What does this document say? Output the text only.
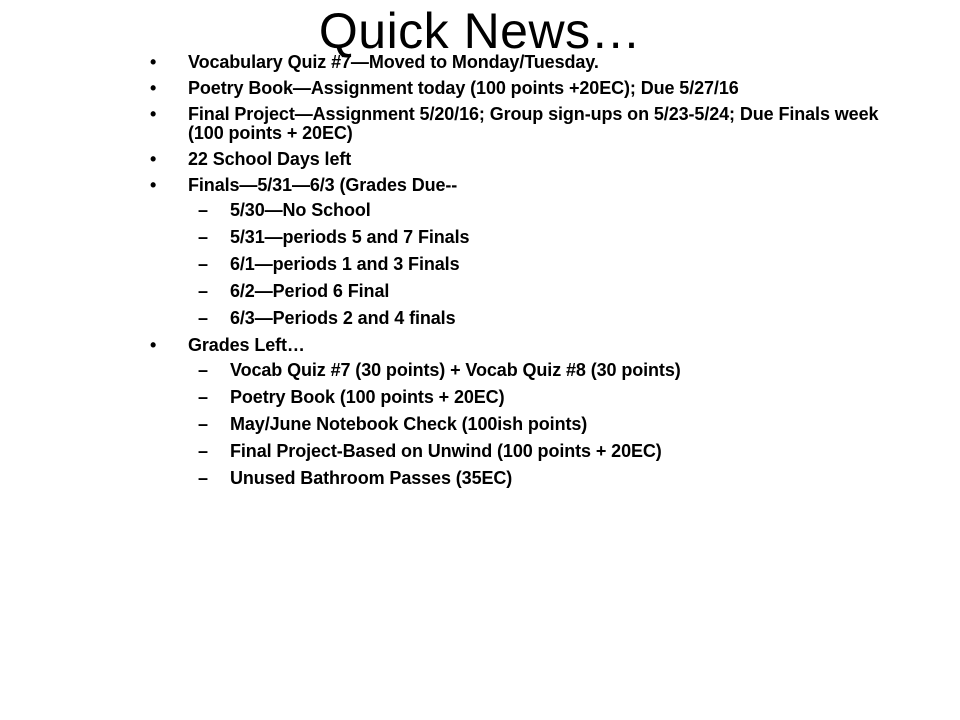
Quick News…
• Vocabulary Quiz #7—Moved to Monday/Tuesday.
• Poetry Book—Assignment today (100 points +20EC); Due 5/27/16
• Final Project—Assignment 5/20/16; Group sign-ups on 5/23-5/24; Due Finals week (100 points + 20EC)
• 22 School Days left
• Finals—5/31—6/3 (Grades Due--
– 5/30—No School
– 5/31—periods 5 and 7 Finals
– 6/1—periods 1 and 3 Finals
– 6/2—Period 6 Final
– 6/3—Periods 2 and 4 finals
• Grades Left…
– Vocab Quiz #7 (30 points) + Vocab Quiz #8 (30 points)
– Poetry Book (100 points + 20EC)
– May/June Notebook Check (100ish points)
– Final Project-Based on Unwind (100 points + 20EC)
– Unused Bathroom Passes (35EC)
